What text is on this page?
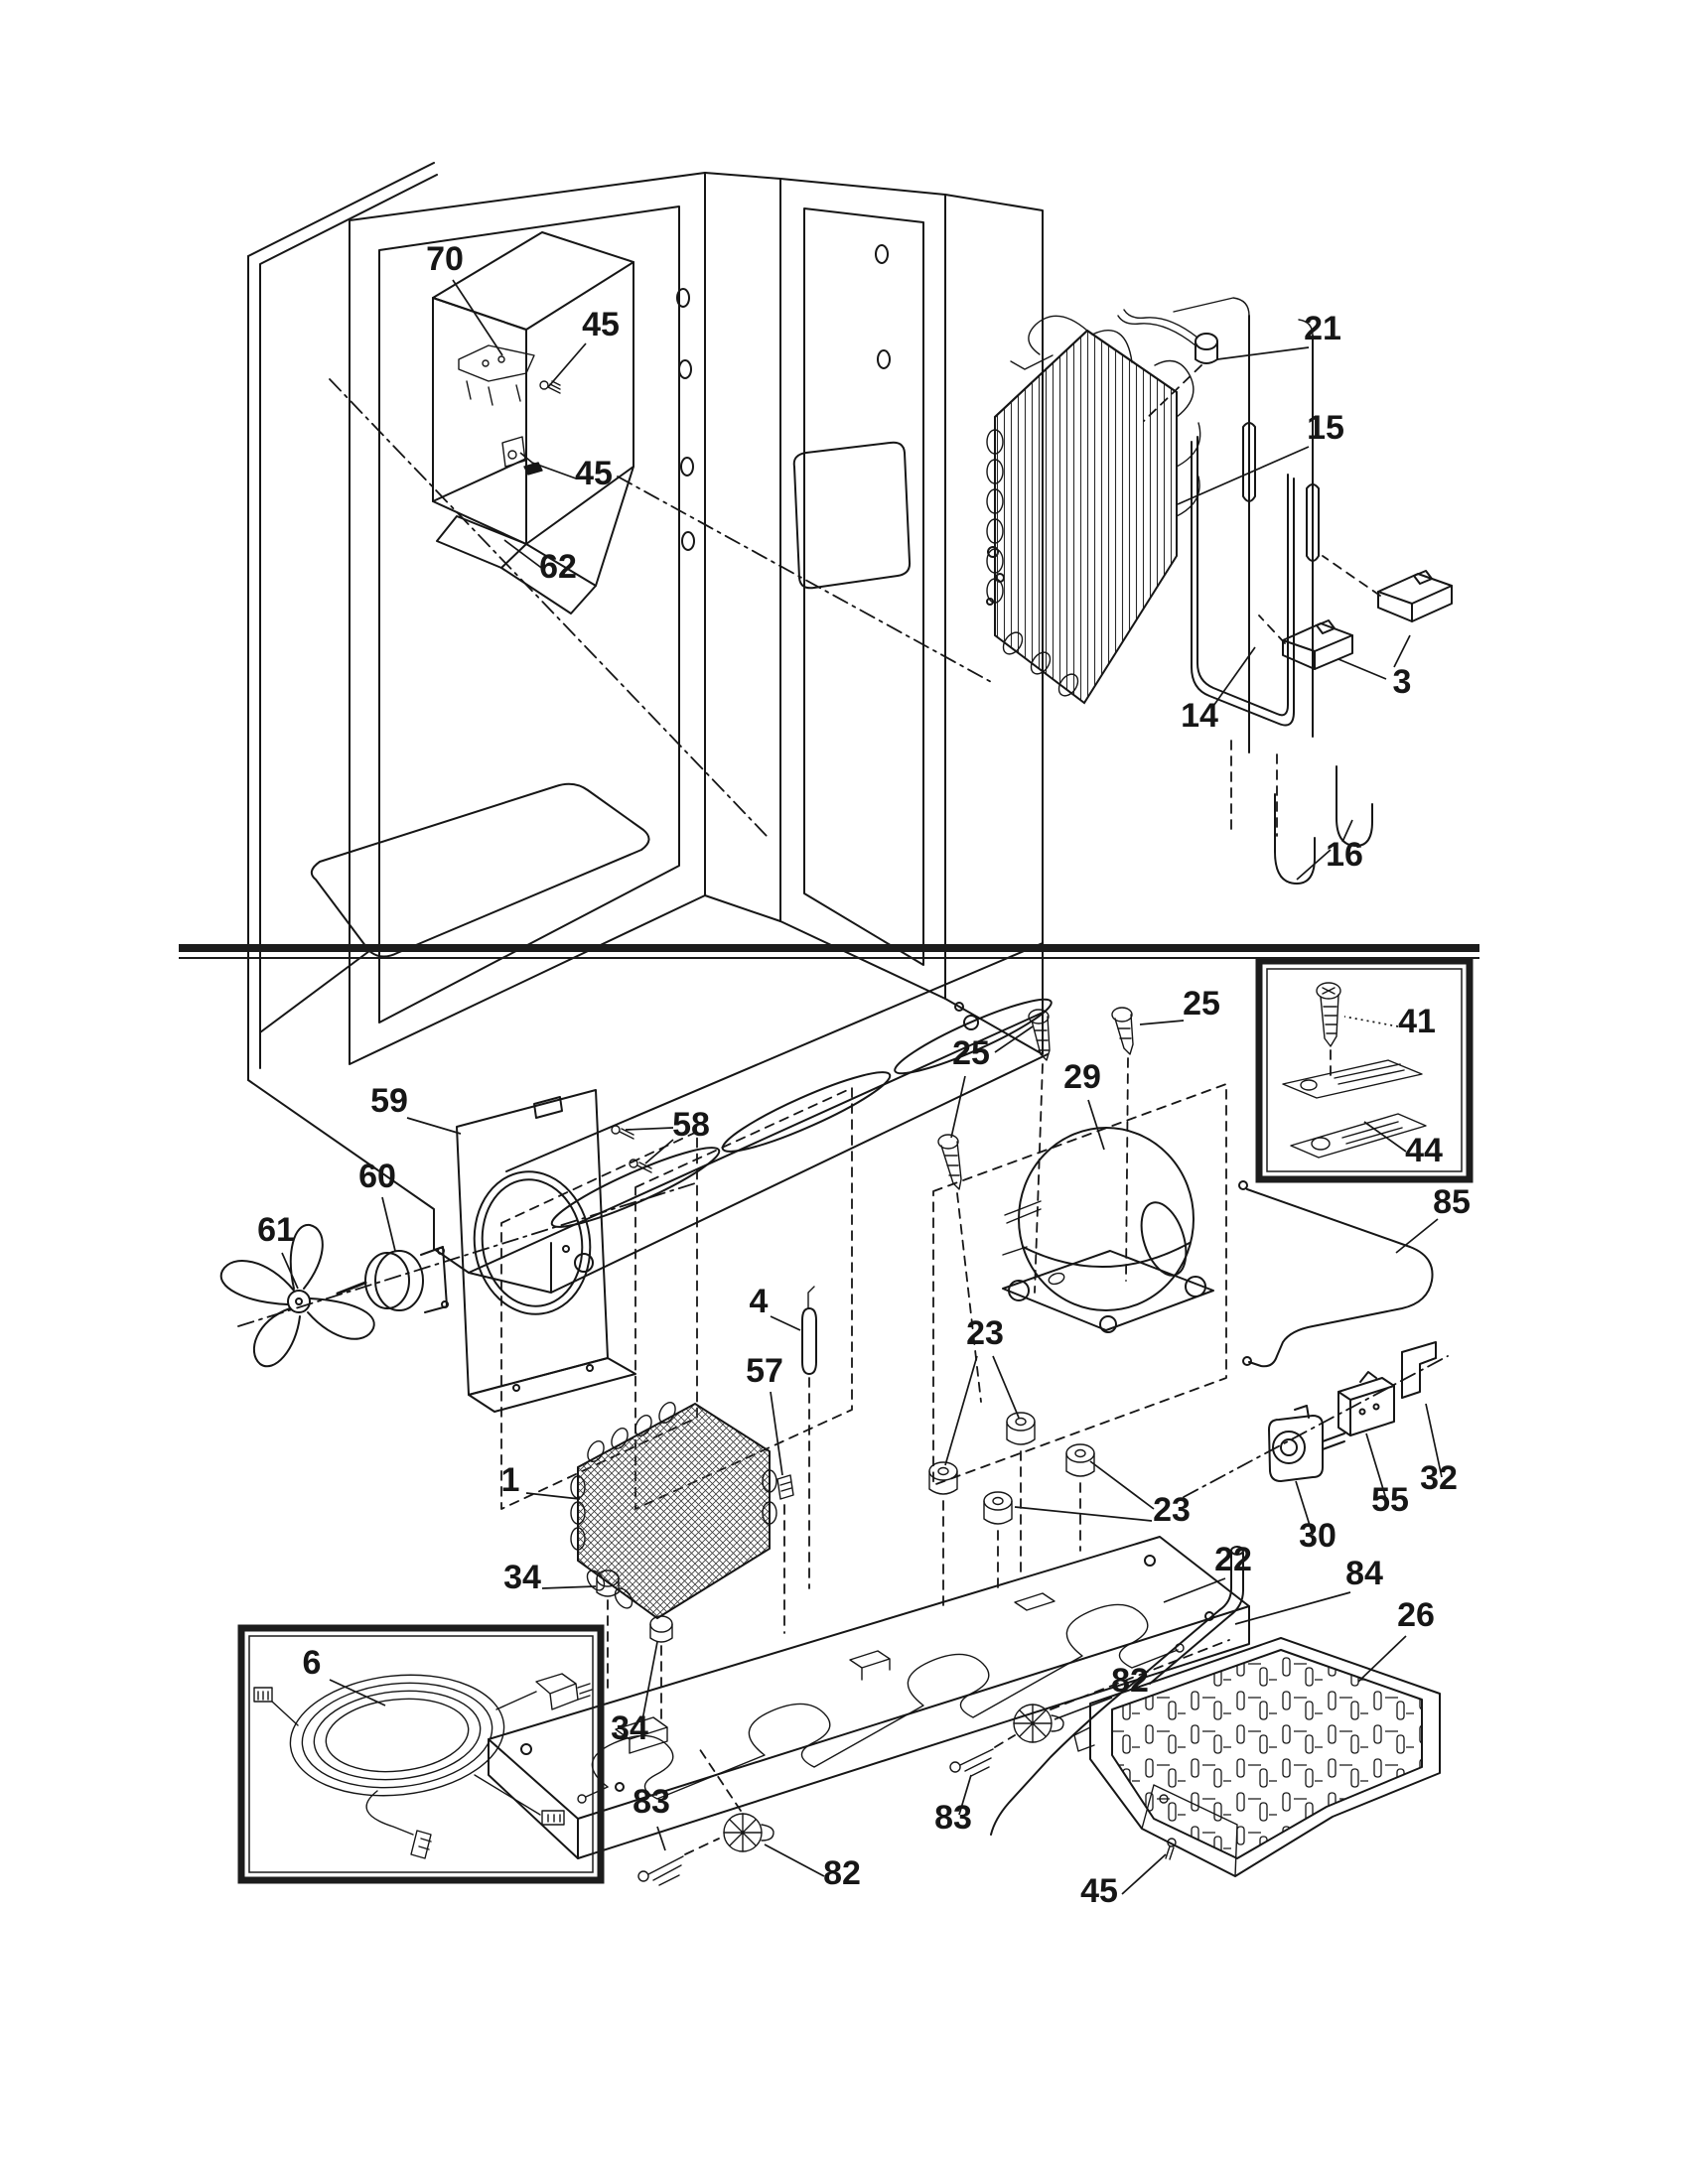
70
45
45
62
21
15
3
14
16
59
58
60
61
25
25
29
41
44
85
4
57
23
23
1
34
34
30
55
32
22	84
26
82
83
82
83
45
6
